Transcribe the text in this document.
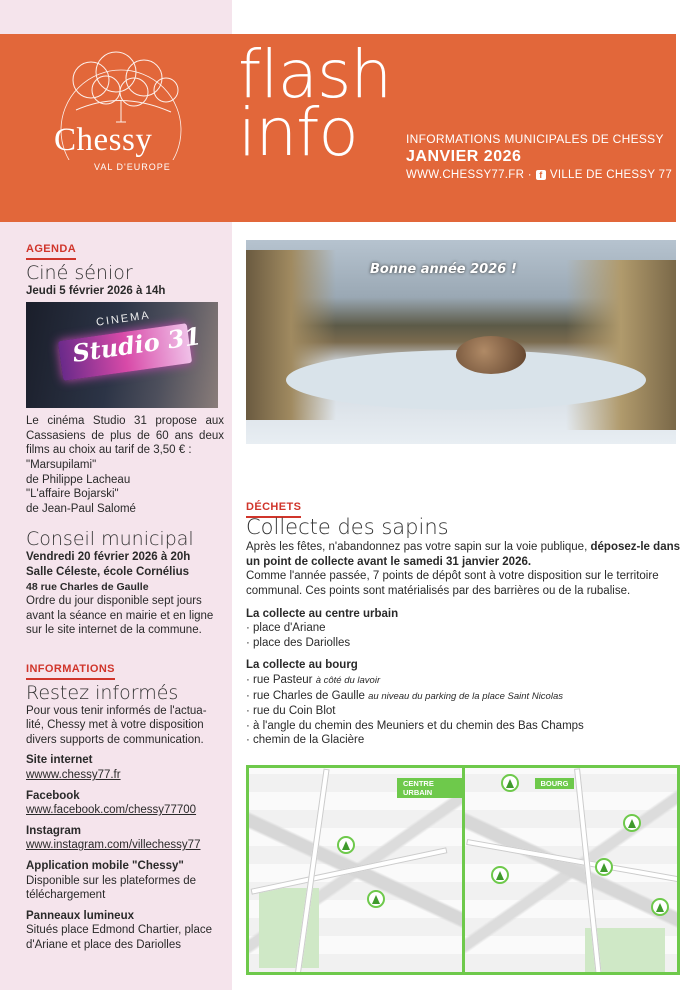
Chessy
VAL D'EUROPE
flash
info	INFORMATIONS MUNICIPALES DE CHESSY
JANVIER 2026
WWW.CHESSY77.FR · f VILLE DE CHESSY 77
AGENDA
Ciné sénior
Jeudi 5 février 2026 à 14h
CINEMA
Studio 31
Le cinéma Studio 31 propose aux Cassasiens de plus de 60 ans deux films au choix au tarif de 3,50 € :
"Marsupilami"
de Philippe Lacheau
"L'affaire Bojarski"
de Jean-Paul Salomé
Conseil municipal
Vendredi 20 février 2026 à 20h
Salle Céleste, école Cornélius
48 rue Charles de Gaulle
Ordre du jour disponible sept jours avant la séance en mairie et en ligne sur le site internet de la commune.
INFORMATIONS
Restez informés
Pour vous tenir informés de l'actua-lité, Chessy met à votre disposition divers supports de communication.
Site internet
wwww.chessy77.fr
Facebook
www.facebook.com/chessy77700
Instagram
www.instagram.com/villechessy77
Application mobile "Chessy"
Disponible sur les plateformes de téléchargement
Panneaux lumineux
Situés place Edmond Chartier, place d'Ariane et place des Dariolles
Bonne année 2026 !
DÉCHETS
Collecte des sapins
Après les fêtes, n'abandonnez pas votre sapin sur la voie publique, déposez-le dans un point de collecte avant le samedi 31 janvier 2026.
Comme l'année passée, 7 points de dépôt sont à votre disposition sur le territoire communal. Ces points sont matérialisés par des barrières ou de la rubalise.
La collecte au centre urbain
· place d'Ariane
· place des Dariolles
La collecte au bourg
· rue Pasteur à côté du lavoir
· rue Charles de Gaulle au niveau du parking de la place Saint Nicolas
· rue du Coin Blot
· à l'angle du chemin des Meuniers et du chemin des Bas Champs
· chemin de la Glacière
CENTRE URBAIN
BOURG
